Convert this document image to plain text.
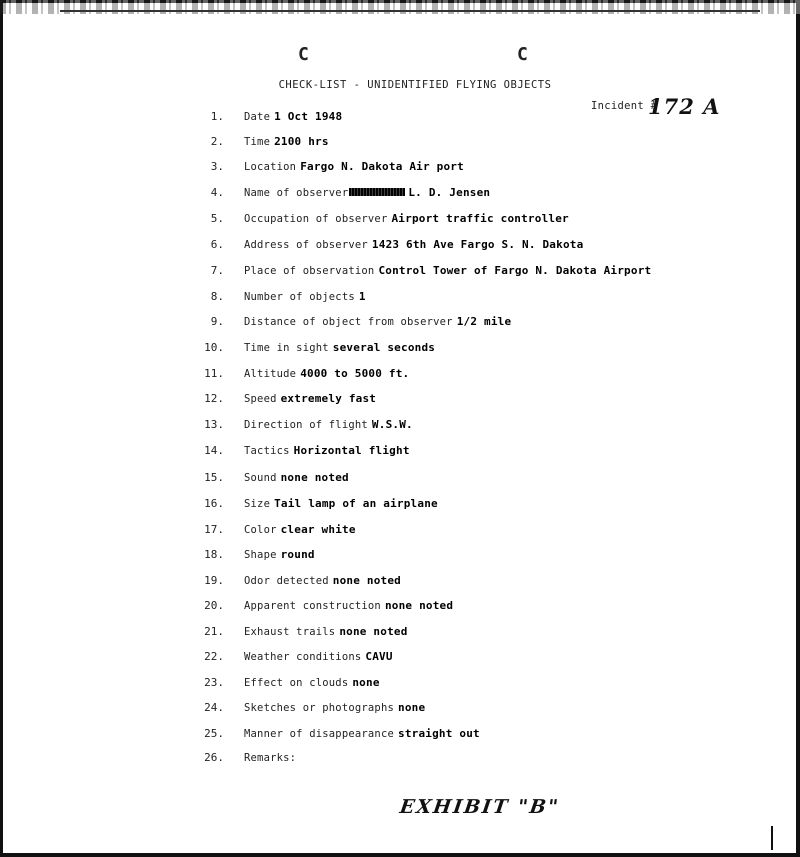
C	C
CHECK-LIST - UNIDENTIFIED FLYING OBJECTS
Incident #
172 A
1. Date 1 Oct 1948
2. Time 2100 hrs
3. Location Fargo N. Dakota Air port
4. Name of observer	L. D. Jensen
5. Occupation of observer Airport traffic controller
6. Address of observer 1423 6th Ave Fargo S. N. Dakota
7. Place of observation Control Tower of Fargo N. Dakota Airport
8. Number of objects 1
9. Distance of object from observer 1/2 mile
10. Time in sight several seconds
11. Altitude 4000 to 5000 ft.
12. Speed extremely fast
13. Direction of flight W.S.W.
14. Tactics Horizontal flight
15. Sound none noted
16. Size Tail lamp of an airplane
17. Color clear white
18. Shape round
19. Odor detected none noted
20. Apparent construction none noted
21. Exhaust trails none noted
22. Weather conditions CAVU
23. Effect on clouds none
24. Sketches or photographs none
25. Manner of disappearance straight out
26. Remarks:
EXHIBIT "B"
